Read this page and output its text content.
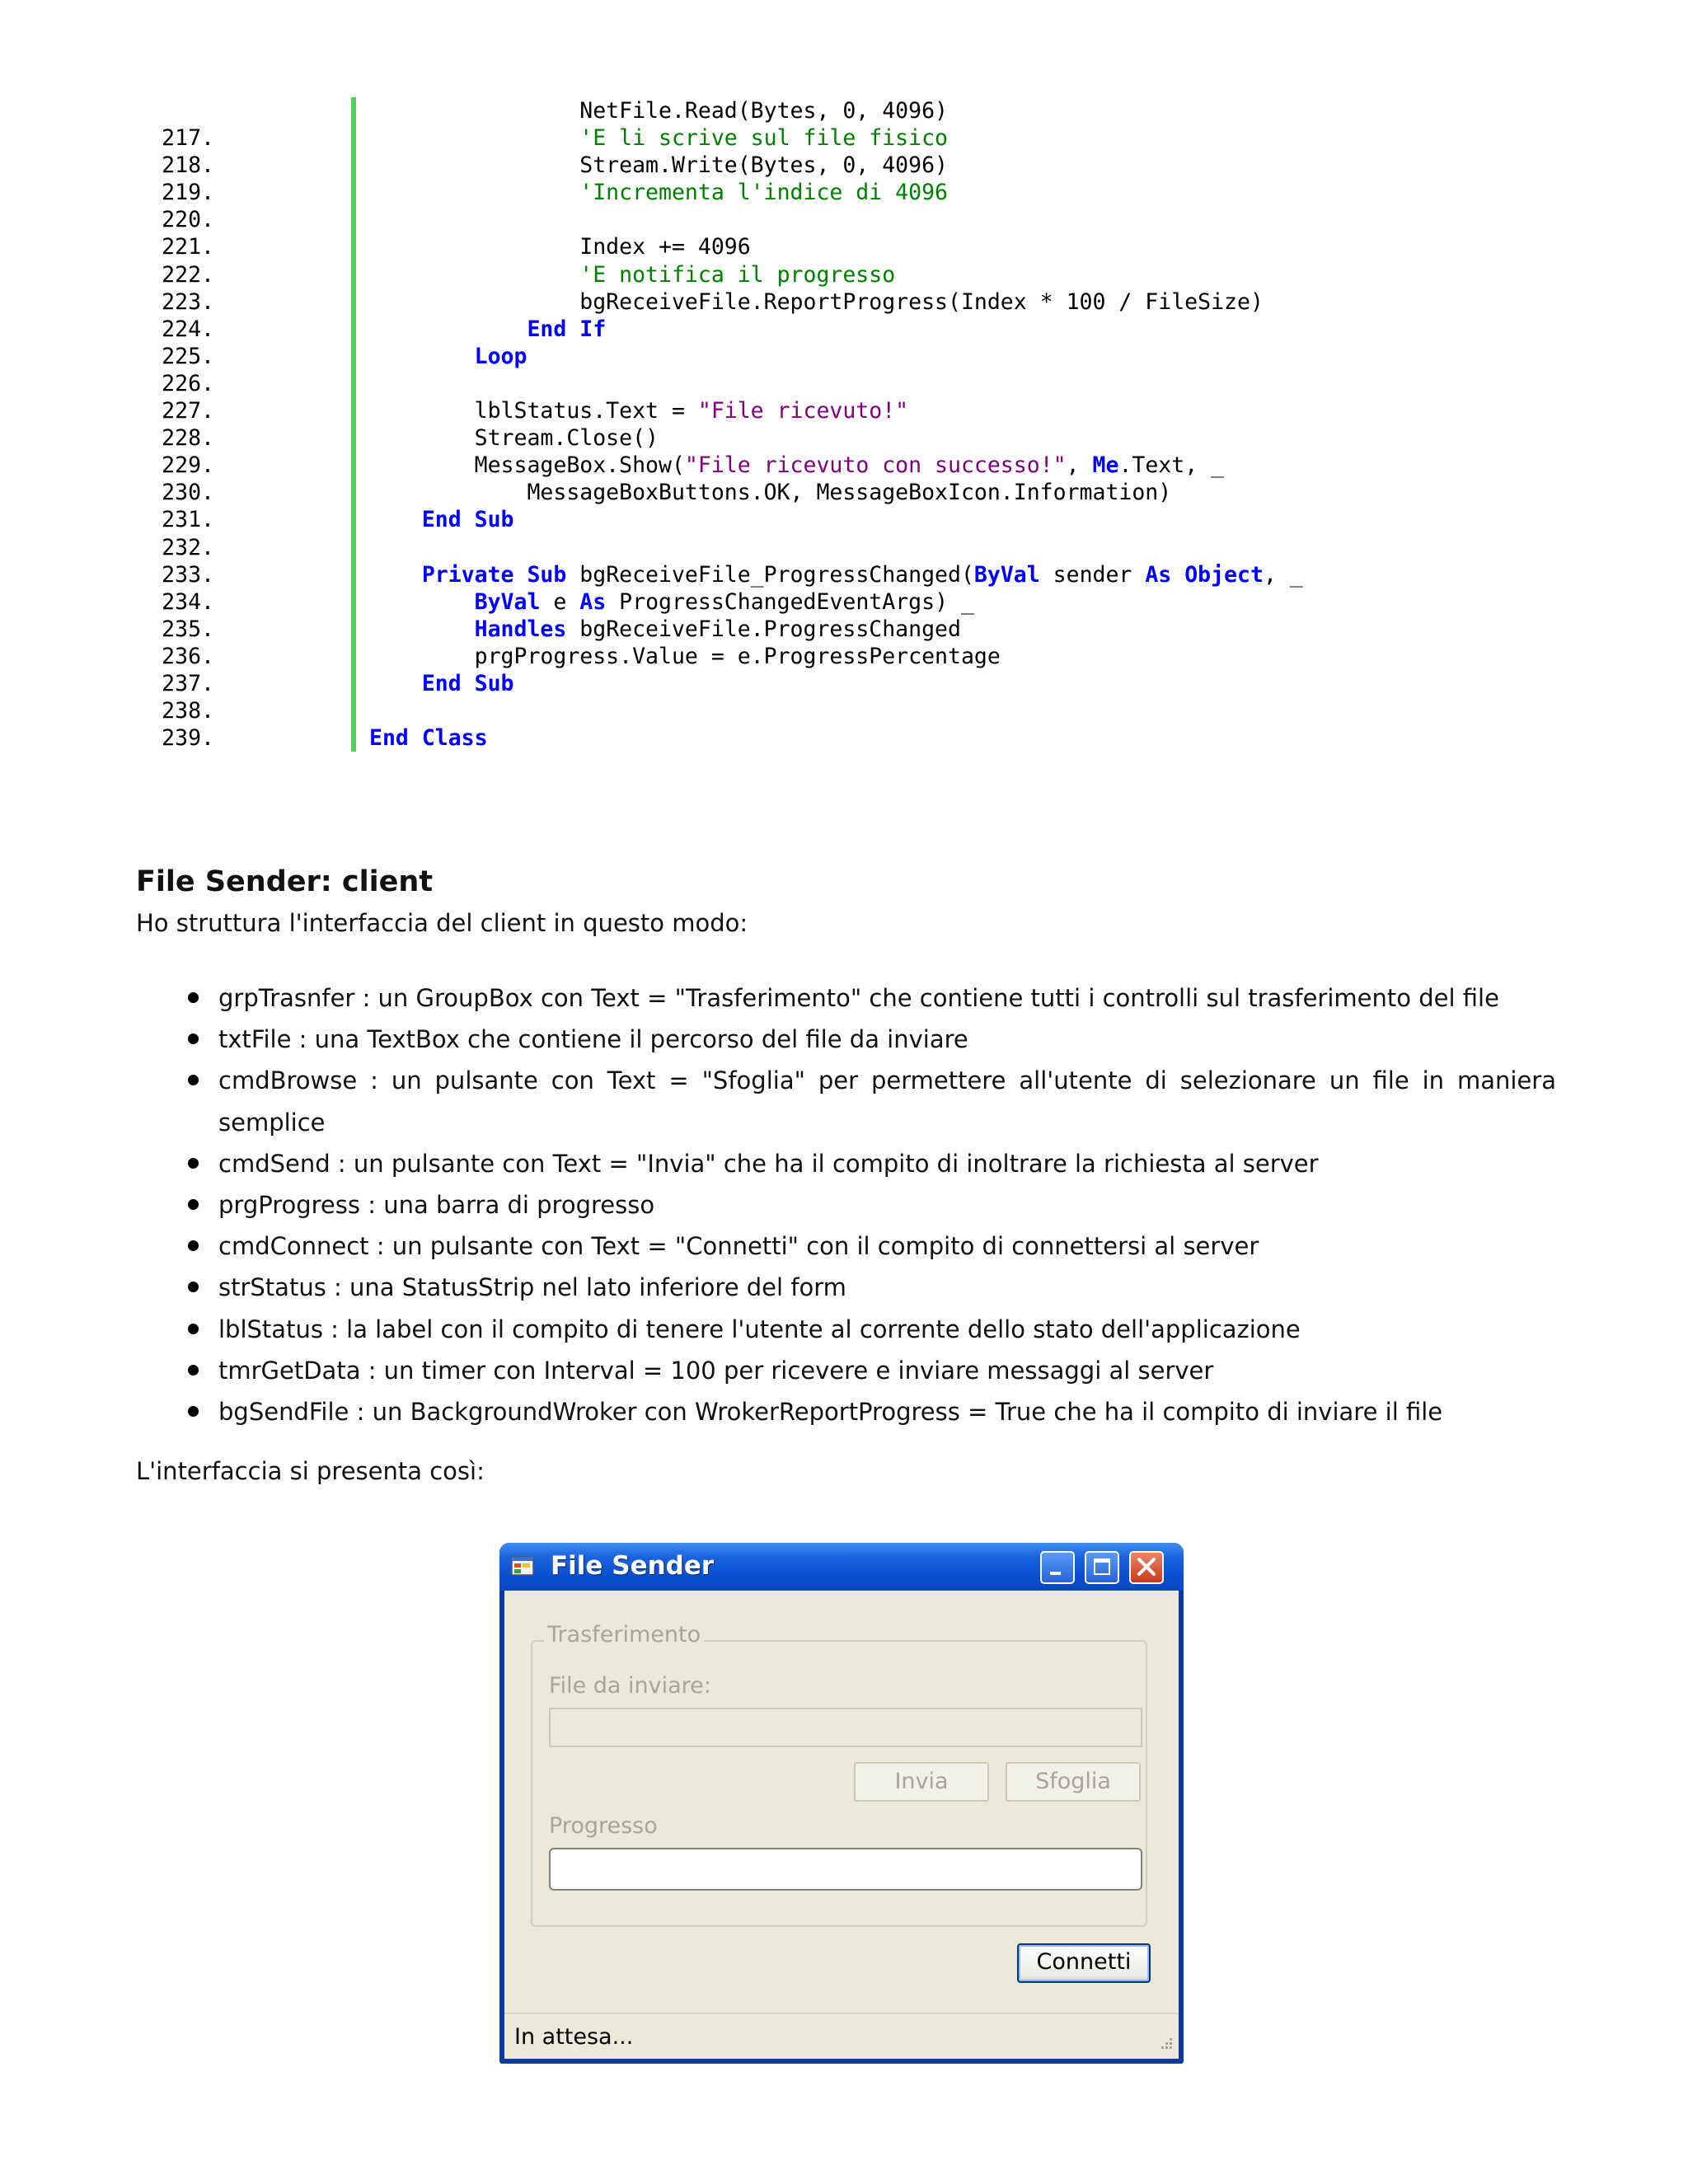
NetFile.Read(Bytes, 0, 4096)
217.	'E li scrive sul file fisico
218.	Stream.Write(Bytes, 0, 4096)
219.	'Incrementa l'indice di 4096
220.
221.	Index += 4096
222.	'E notifica il progresso
223.	bgReceiveFile.ReportProgress(Index * 100 / FileSize)
224.	End If
225.	Loop
226.
227.	lblStatus.Text = "File ricevuto!"
228.	Stream.Close()
229.	MessageBox.Show("File ricevuto con successo!", Me.Text, _
230.	MessageBoxButtons.OK, MessageBoxIcon.Information)
231.	End Sub
232.
233.	Private Sub bgReceiveFile_ProgressChanged(ByVal sender As Object, _
234.	ByVal e As ProgressChangedEventArgs) _
235.	Handles bgReceiveFile.ProgressChanged
236.	prgProgress.Value = e.ProgressPercentage
237.	End Sub
238.
239.	End Class
File Sender: client
Ho strutturа l'interfaccia del client in questo modo:
grpTrasnfer : un GroupBox con Text = "Trasferimento" che contiene tutti i controlli sul trasferimento del file
txtFile : una TextBox che contiene il percorso del file da inviare
cmdBrowse : un pulsante con Text = "Sfoglia" per permettere all'utente di selezionare un file in maniera semplice
cmdSend : un pulsante con Text = "Invia" che ha il compito di inoltrare la richiesta al server
prgProgress : una barra di progresso
cmdConnect : un pulsante con Text = "Connetti" con il compito di connettersi al server
strStatus : una StatusStrip nel lato inferiore del form
lblStatus : la label con il compito di tenere l'utente al corrente dello stato dell'applicazione
tmrGetData : un timer con Interval = 100 per ricevere e inviare messaggi al server
bgSendFile : un BackgroundWroker con WrokerReportProgress = True che ha il compito di inviare il file
L'interfaccia si presenta così:
File Sender
Trasferimento
File da inviare:
Invia	Sfoglia
Progresso
Connetti
In attesa...
